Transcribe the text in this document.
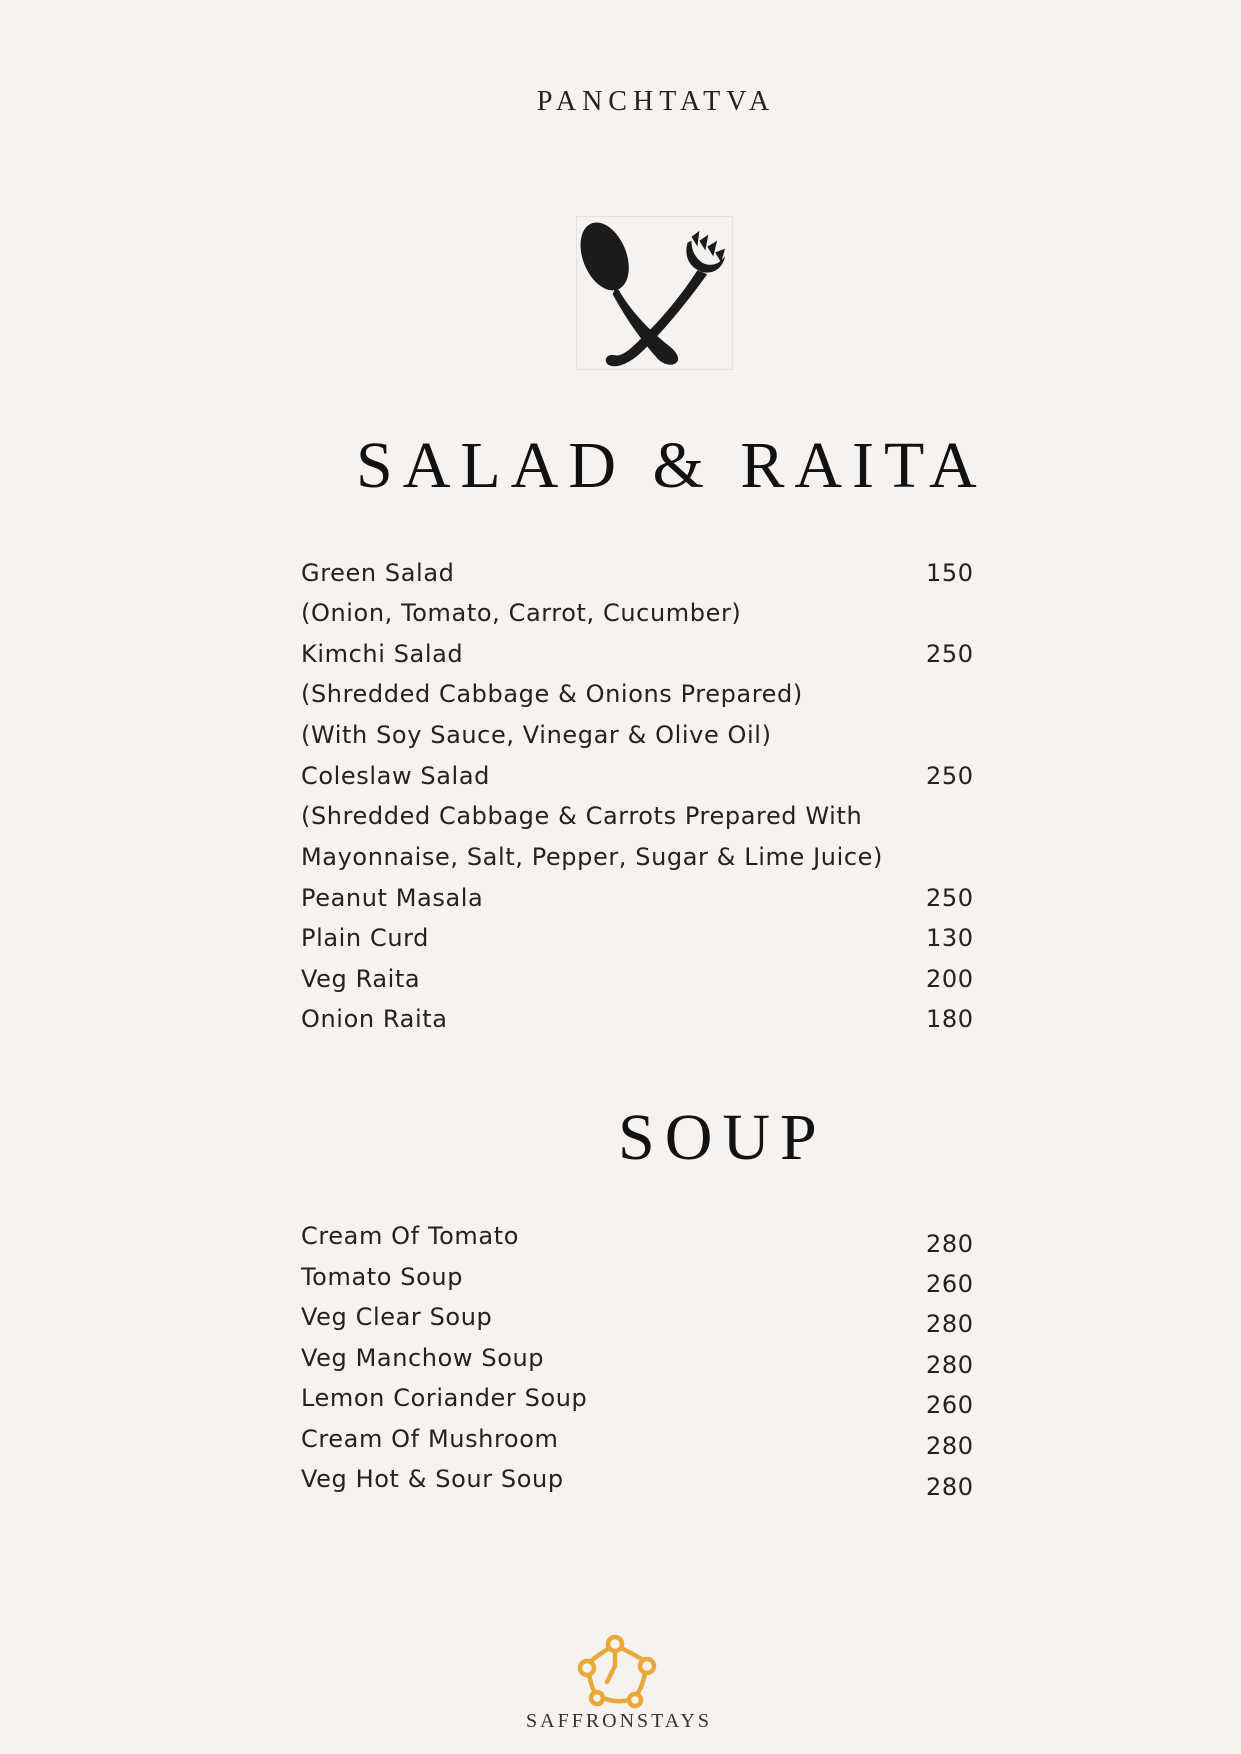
PANCHTATVA
SALAD & RAITA
Green Salad	150
(Onion, Tomato, Carrot, Cucumber)
Kimchi Salad	250
(Shredded Cabbage & Onions Prepared)
(With Soy Sauce, Vinegar & Olive Oil)
Coleslaw Salad	250
(Shredded Cabbage & Carrots Prepared With
Mayonnaise, Salt, Pepper, Sugar & Lime Juice)
Peanut Masala	250
Plain Curd	130
Veg Raita	200
Onion Raita	180
SOUP
Cream Of Tomato	280
Tomato Soup	260
Veg Clear Soup	280
Veg Manchow Soup	280
Lemon Coriander Soup	260
Cream Of Mushroom	280
Veg Hot & Sour Soup	280
SAFFRONSTAYS
